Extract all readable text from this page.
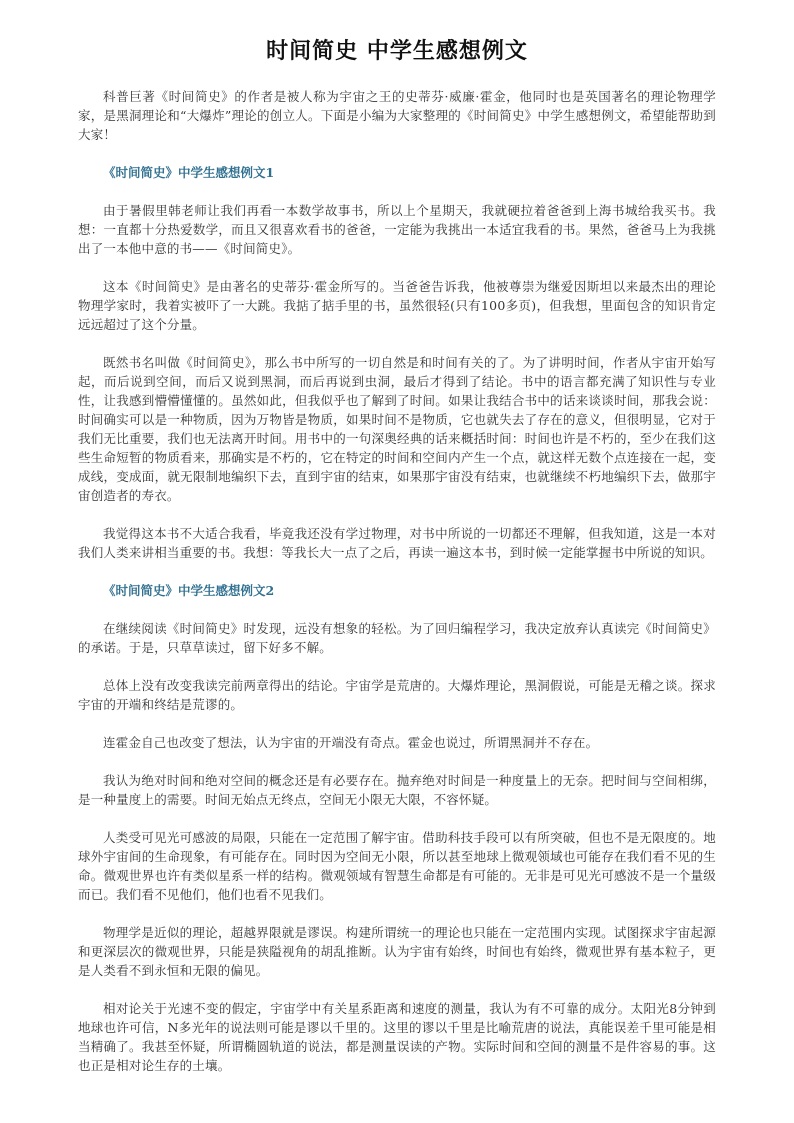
时间简史 中学生感想例文

科普巨著《时间简史》的作者是被人称为宇宙之王的史蒂芬·威廉·霍金，他同时也是英国著名的理论物理学家，是黑洞理论和“大爆炸”理论的创立人。下面是小编为大家整理的《时间简史》中学生感想例文，希望能帮助到大家！

《时间简史》中学生感想例文1

由于暑假里韩老师让我们再看一本数学故事书，所以上个星期天，我就硬拉着爸爸到上海书城给我买书。我想：一直都十分热爱数学，而且又很喜欢看书的爸爸，一定能为我挑出一本适宜我看的书。果然，爸爸马上为我挑出了一本他中意的书——《时间简史》。

这本《时间简史》是由著名的史蒂芬·霍金所写的。当爸爸告诉我，他被尊崇为继爱因斯坦以来最杰出的理论物理学家时，我着实被吓了一大跳。我掂了掂手里的书，虽然很轻(只有100多页)，但我想，里面包含的知识肯定远远超过了这个分量。

既然书名叫做《时间简史》，那么书中所写的一切自然是和时间有关的了。为了讲明时间，作者从宇宙开始写起，而后说到空间，而后又说到黑洞，而后再说到虫洞，最后才得到了结论。书中的语言都充满了知识性与专业性，让我感到懵懵懂懂的。虽然如此，但我似乎也了解到了时间。如果让我结合书中的话来谈谈时间，那我会说：时间确实可以是一种物质，因为万物皆是物质，如果时间不是物质，它也就失去了存在的意义，但很明显，它对于我们无比重要，我们也无法离开时间。用书中的一句深奥经典的话来概括时间：时间也许是不朽的，至少在我们这些生命短暂的物质看来，那确实是不朽的，它在特定的时间和空间内产生一个点，就这样无数个点连接在一起，变成线，变成面，就无限制地编织下去，直到宇宙的结束，如果那宇宙没有结束，也就继续不朽地编织下去，做那宇宙创造者的寿衣。

我觉得这本书不大适合我看，毕竟我还没有学过物理，对书中所说的一切都还不理解，但我知道，这是一本对我们人类来讲相当重要的书。我想：等我长大一点了之后，再读一遍这本书，到时候一定能掌握书中所说的知识。

《时间简史》中学生感想例文2

在继续阅读《时间简史》时发现，远没有想象的轻松。为了回归编程学习，我决定放弃认真读完《时间简史》的承诺。于是，只草草读过，留下好多不解。

总体上没有改变我读完前两章得出的结论。宇宙学是荒唐的。大爆炸理论，黑洞假说，可能是无稽之谈。探求宇宙的开端和终结是荒谬的。

连霍金自己也改变了想法，认为宇宙的开端没有奇点。霍金也说过，所谓黑洞并不存在。

我认为绝对时间和绝对空间的概念还是有必要存在。抛弃绝对时间是一种度量上的无奈。把时间与空间相绑，是一种量度上的需要。时间无始点无终点，空间无小限无大限，不容怀疑。

人类受可见光可感波的局限，只能在一定范围了解宇宙。借助科技手段可以有所突破，但也不是无限度的。地球外宇宙间的生命现象，有可能存在。同时因为空间无小限，所以甚至地球上微观领域也可能存在我们看不见的生命。微观世界也许有类似星系一样的结构。微观领域有智慧生命都是有可能的。无非是可见光可感波不是一个量级而已。我们看不见他们，他们也看不见我们。

物理学是近似的理论，超越界限就是谬误。构建所谓统一的理论也只能在一定范围内实现。试图探求宇宙起源和更深层次的微观世界，只能是狭隘视角的胡乱推断。认为宇宙有始终，时间也有始终，微观世界有基本粒子，更是人类看不到永恒和无限的偏见。

相对论关于光速不变的假定，宇宙学中有关星系距离和速度的测量，我认为有不可靠的成分。太阳光8分钟到地球也许可信，N多光年的说法则可能是谬以千里的。这里的谬以千里是比喻荒唐的说法，真能误差千里可能是相当精确了。我甚至怀疑，所谓椭圆轨道的说法，都是测量误读的产物。实际时间和空间的测量不是件容易的事。这也正是相对论生存的土壤。
